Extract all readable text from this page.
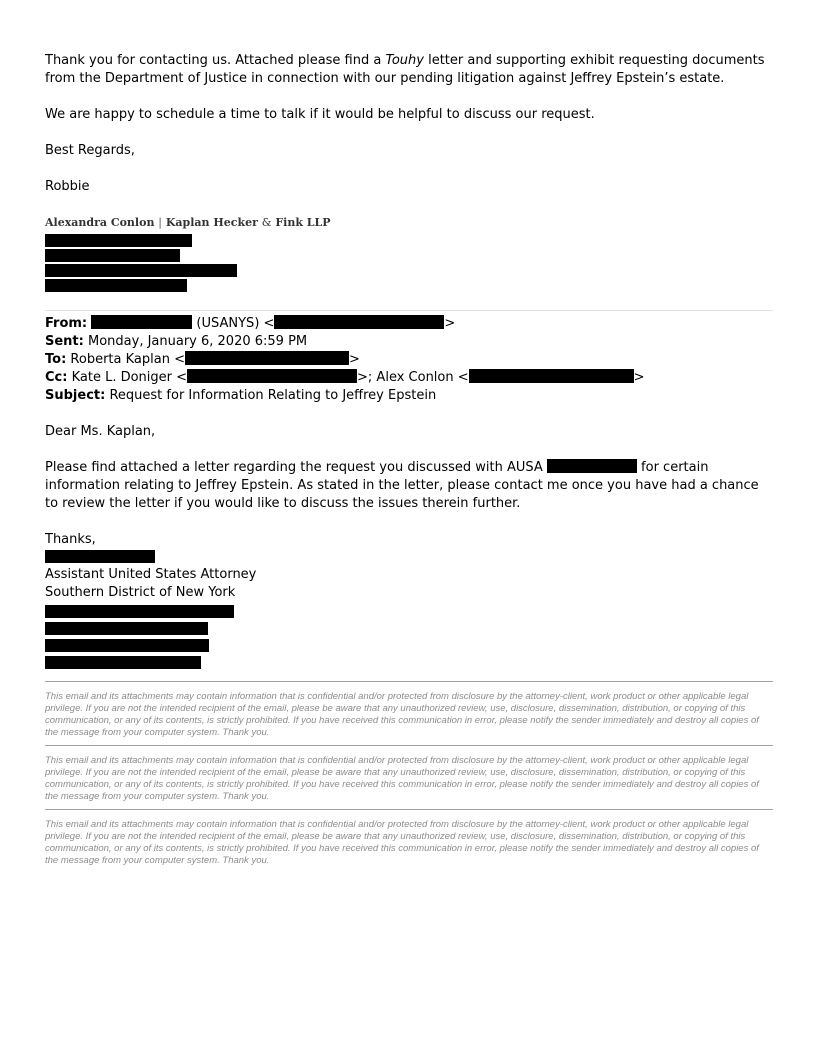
Thank you for contacting us. Attached please find a Touhy letter and supporting exhibit requesting documents from the Department of Justice in connection with our pending litigation against Jeffrey Epstein’s estate.

We are happy to schedule a time to talk if it would be helpful to discuss our request.

Best Regards,

Robbie

Alexandra Conlon | Kaplan Hecker & Fink LLP

From:	(USANYS) <	>

Sent: Monday, January 6, 2020 6:59 PM

To: Roberta Kaplan <	>

Cc: Kate L. Doniger <	>; Alex Conlon <	>

Subject: Request for Information Relating to Jeffrey Epstein

Dear Ms. Kaplan,

Please find attached a letter regarding the request you discussed with AUSA	for certain information relating to Jeffrey Epstein. As stated in the letter, please contact me once you have had a chance to review the letter if you would like to discuss the issues therein further.

Thanks,

Assistant United States Attorney

Southern District of New York

This email and its attachments may contain information that is confidential and/or protected from disclosure by the attorney-client, work product or other applicable legal privilege. If you are not the intended recipient of the email, please be aware that any unauthorized review, use, disclosure, dissemination, distribution, or copying of this communication, or any of its contents, is strictly prohibited. If you have received this communication in error, please notify the sender immediately and destroy all copies of the message from your computer system. Thank you.

This email and its attachments may contain information that is confidential and/or protected from disclosure by the attorney-client, work product or other applicable legal privilege. If you are not the intended recipient of the email, please be aware that any unauthorized review, use, disclosure, dissemination, distribution, or copying of this communication, or any of its contents, is strictly prohibited. If you have received this communication in error, please notify the sender immediately and destroy all copies of the message from your computer system. Thank you.

This email and its attachments may contain information that is confidential and/or protected from disclosure by the attorney-client, work product or other applicable legal privilege. If you are not the intended recipient of the email, please be aware that any unauthorized review, use, disclosure, dissemination, distribution, or copying of this communication, or any of its contents, is strictly prohibited. If you have received this communication in error, please notify the sender immediately and destroy all copies of the message from your computer system. Thank you.
